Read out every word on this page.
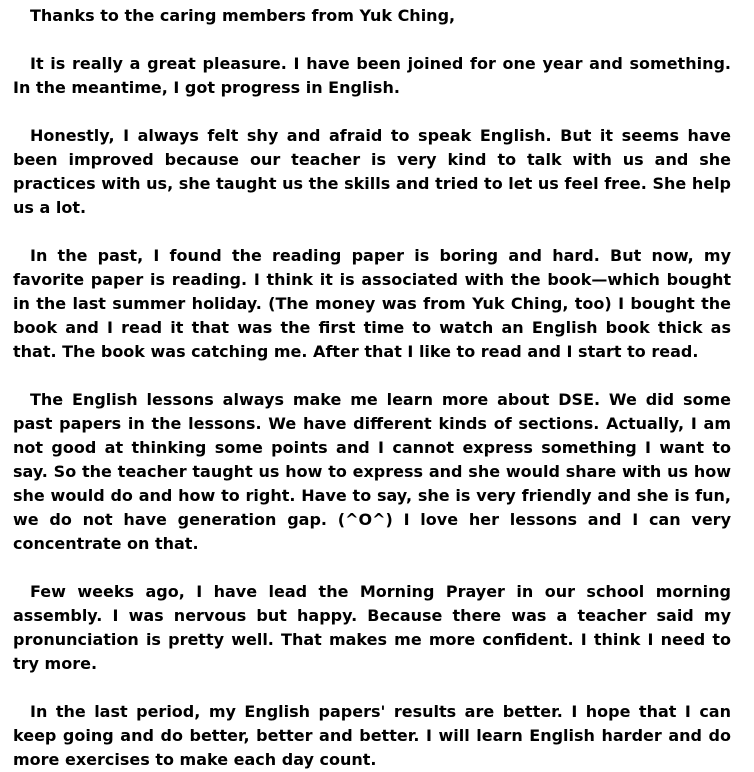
Thanks to the caring members from Yuk Ching,
It is really a great pleasure. I have been joined for one year and something. In the meantime, I got progress in English.
Honestly, I always felt shy and afraid to speak English. But it seems have been improved because our teacher is very kind to talk with us and she practices with us, she taught us the skills and tried to let us feel free. She help us a lot.
In the past, I found the reading paper is boring and hard. But now, my favorite paper is reading. I think it is associated with the book—which bought in the last summer holiday. (The money was from Yuk Ching, too) I bought the book and I read it that was the first time to watch an English book thick as that. The book was catching me. After that I like to read and I start to read.
The English lessons always make me learn more about DSE. We did some past papers in the lessons. We have different kinds of sections. Actually, I am not good at thinking some points and I cannot express something I want to say. So the teacher taught us how to express and she would share with us how she would do and how to right. Have to say, she is very friendly and she is fun, we do not have generation gap. (^O^) I love her lessons and I can very concentrate on that.
Few weeks ago, I have lead the Morning Prayer in our school morning assembly. I was nervous but happy. Because there was a teacher said my pronunciation is pretty well. That makes me more confident. I think I need to try more.
In the last period, my English papers' results are better. I hope that I can keep going and do better, better and better. I will learn English harder and do more exercises to make each day count.
